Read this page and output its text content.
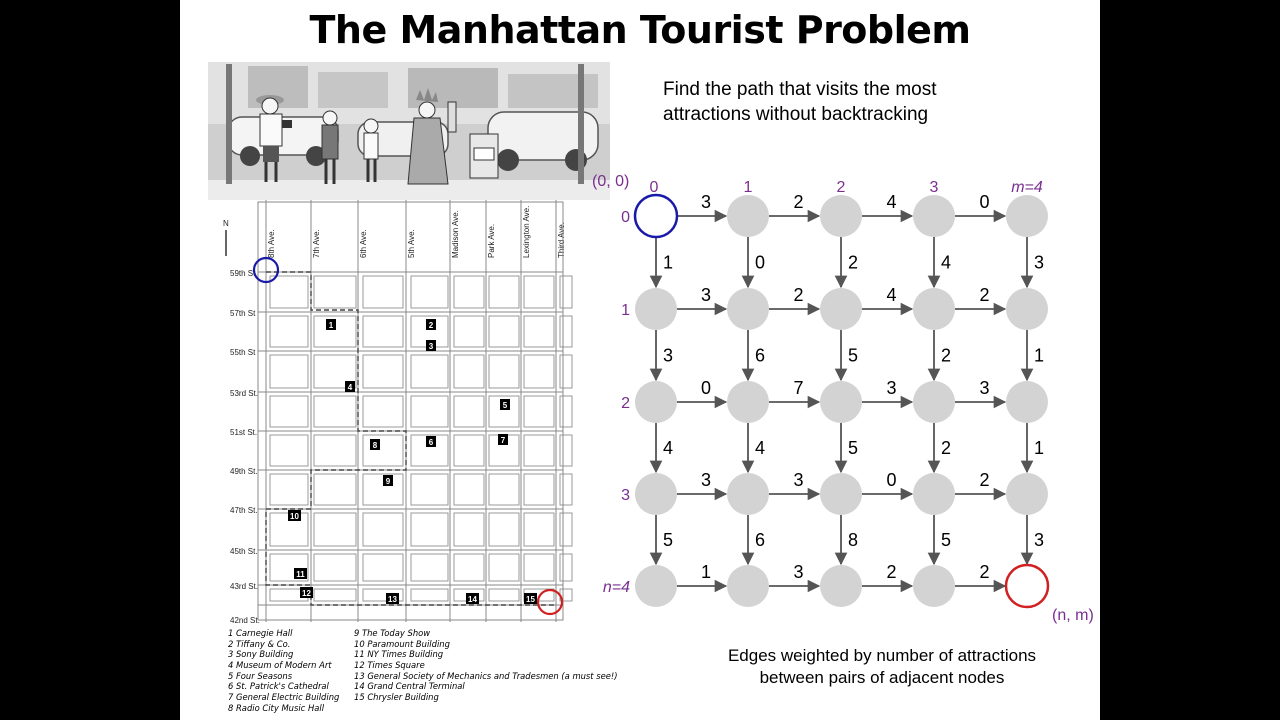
The Manhattan Tourist Problem
Find the path that visits the most
attractions without backtracking
Edges weighted by number of attractions
between pairs of adjacent nodes
8th Ave.	7th Ave.	6th Ave.	5th Ave.	Madison Ave.	Park Ave.	Lexington Ave.	Third Ave.
59th St
57th St
55th St
53rd St.
51st St.
49th St.
47th St.
45th St.
43rd St.
42nd St.
N
1	2
3
4
5
6	7
8
9
10
11
12
13	14	15
1 Carnegie Hall
2 Tiffany & Co.
3 Sony Building
4 Museum of Modern Art
5 Four Seasons
6 St. Patrick's Cathedral
7 General Electric Building
8 Radio City Music Hall
9 The Today Show
10 Paramount Building
11 NY Times Building
12 Times Square
13 General Society of Mechanics and Tradesmen (a must see!)
14 Grand Central Terminal
15 Chrysler Building
(0, 0)
(n, m)
3	2	4	0
3	2	4	2
0	7	3	3
3	3	0	2
1	3	2	2
1	0	2	4	3
3	6	5	2	1
4	4	5	2	1
5	6	8	5	3
0	1	2	3	m=4
0
1
2
3
n=4
